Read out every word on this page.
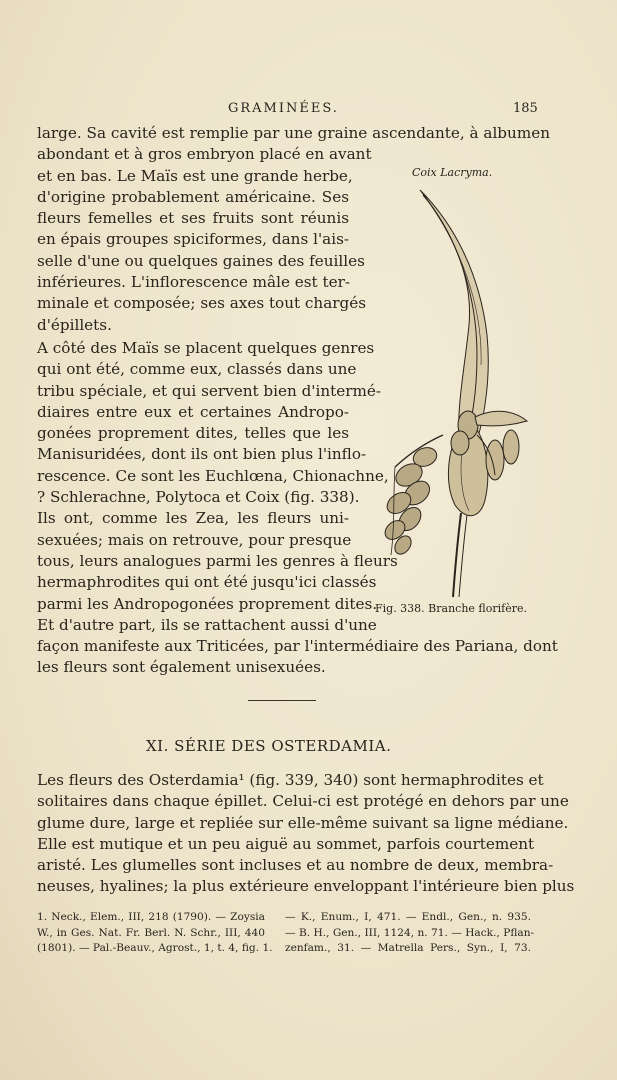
GRAMINÉES.	185
large. Sa cavité est remplie par une graine ascendante, à albumen
abondant et à gros embryon placé en avant
et en bas. Le Maïs est une grande herbe,
d'origine probablement américaine. Ses
fleurs femelles et ses fruits sont réunis
en épais groupes spiciformes, dans l'ais-
selle d'une ou quelques gaines des feuilles
inférieures. L'inflorescence mâle est ter-
minale et composée; ses axes tout chargés
d'épillets.
Coix Lacryma.
Fig. 338. Branche florifère.
A côté des Maïs se placent quelques genres
qui ont été, comme eux, classés dans une
tribu spéciale, et qui servent bien d'intermé-
diaires entre eux et certaines Andropo-
gonées proprement dites, telles que les
Manisuridées, dont ils ont bien plus l'inflo-
rescence. Ce sont les Euchlœna, Chionachne,
? Schlerachne, Polytoca et Coix (fig. 338).
Ils ont, comme les Zea, les fleurs uni-
sexuées; mais on retrouve, pour presque
tous, leurs analogues parmi les genres à fleurs
hermaphrodites qui ont été jusqu'ici classés
parmi les Andropogonées proprement dites.
Et d'autre part, ils se rattachent aussi d'une
façon manifeste aux Triticées, par l'intermédiaire des Pariana, dont
les fleurs sont également unisexuées.
XI. SÉRIE DES OSTERDAMIA.
Les fleurs des Osterdamia¹ (fig. 339, 340) sont hermaphrodites et
solitaires dans chaque épillet. Celui-ci est protégé en dehors par une
glume dure, large et repliée sur elle-même suivant sa ligne médiane.
Elle est mutique et un peu aiguë au sommet, parfois courtement
aristé. Les glumelles sont incluses et au nombre de deux, membra-
neuses, hyalines; la plus extérieure enveloppant l'intérieure bien plus
1. Neck., Elem., III, 218 (1790). — Zoysia
W., in Ges. Nat. Fr. Berl. N. Schr., III, 440
(1801). — Pal.-Beauv., Agrost., 1, t. 4, fig. 1.
— K., Enum., I, 471. — Endl., Gen., n. 935.
— B. H., Gen., III, 1124, n. 71. — Hack., Pflan-
zenfam., 31. — Matrella Pers., Syn., I, 73.
